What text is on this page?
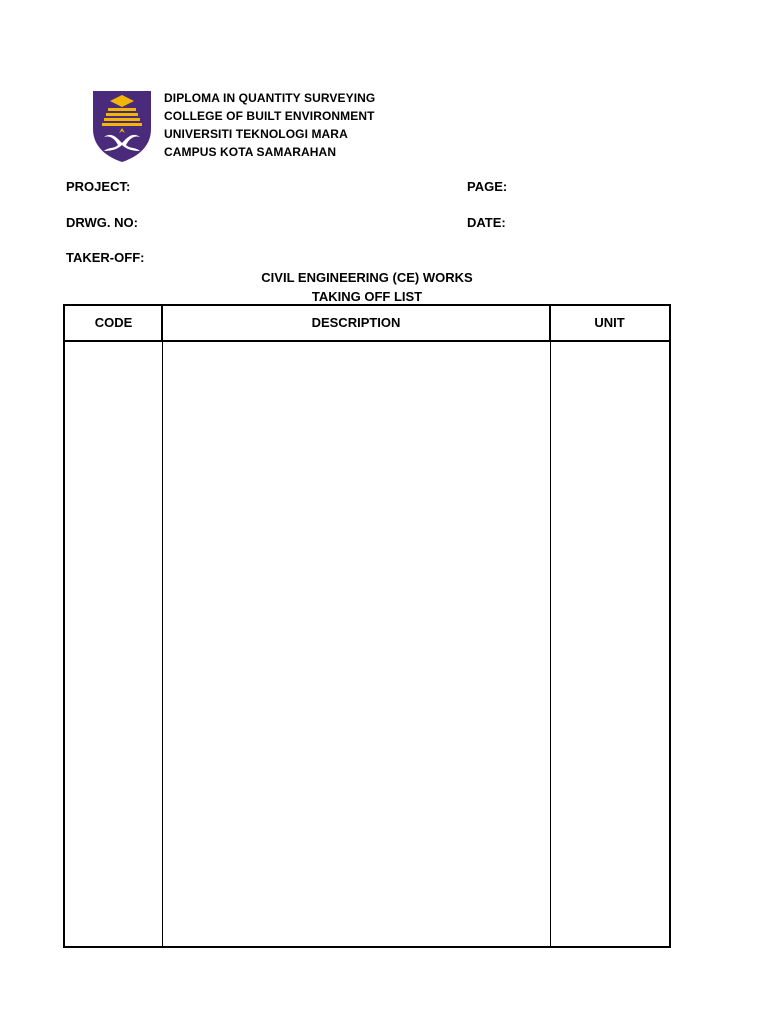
DIPLOMA IN QUANTITY SURVEYING
COLLEGE OF BUILT ENVIRONMENT
UNIVERSITI TEKNOLOGI MARA
CAMPUS KOTA SAMARAHAN
PROJECT:
DRWG. NO:
TAKER-OFF:
PAGE:
DATE:
CIVIL ENGINEERING (CE) WORKS
TAKING OFF LIST
CODE	DESCRIPTION	UNIT
